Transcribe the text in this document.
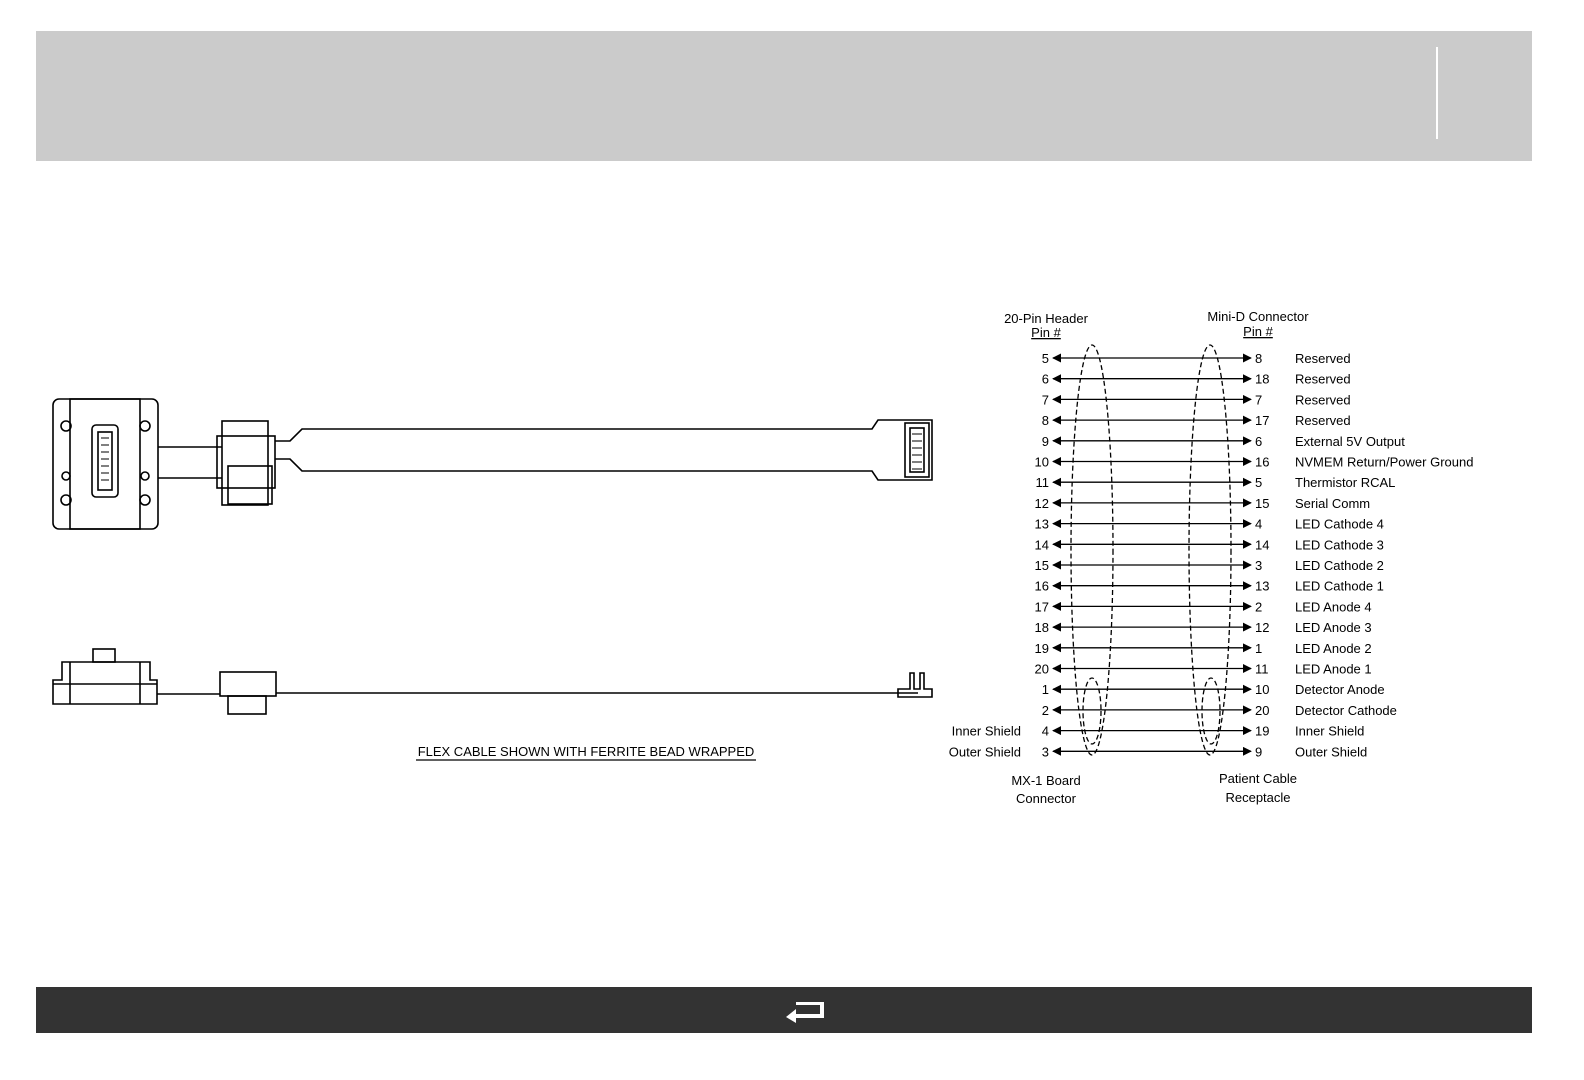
FLEX CABLE SHOWN WITH FERRITE BEAD WRAPPED
20-Pin Header
Pin #
Mini-D Connector
Pin #
5	8	Reserved
6	18 Reserved
7	7	Reserved
8	17 Reserved
9	6	External 5V Output
10	16 NVMEM Return/Power Ground
11	5	Thermistor RCAL
12	15 Serial Comm
13	4	LED Cathode 4
14	14 LED Cathode 3
15	3	LED Cathode 2
16	13 LED Cathode 1
17	2	LED Anode 4
18	12 LED Anode 3
19	1	LED Anode 2
20	11 LED Anode 1
1	10 Detector Anode
2	20 Detector Cathode
4	19 Inner Shield
Inner Shield
3	9	Outer Shield
Outer Shield
MX-1 Board
Connector
Patient Cable
Receptacle
